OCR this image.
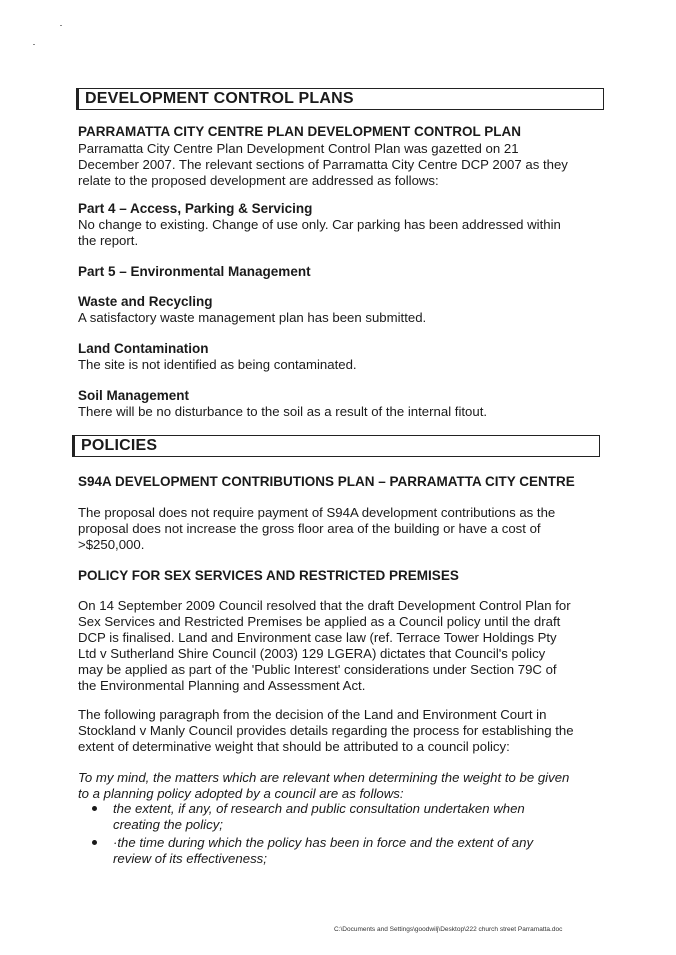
DEVELOPMENT CONTROL PLANS
PARRAMATTA CITY CENTRE PLAN DEVELOPMENT CONTROL PLAN
Parramatta City Centre Plan Development Control Plan was gazetted on 21
December 2007. The relevant sections of Parramatta City Centre DCP 2007 as they
relate to the proposed development are addressed as follows:
Part 4 – Access, Parking & Servicing
No change to existing. Change of use only. Car parking has been addressed within
the report.
Part 5 – Environmental Management
Waste and Recycling
A satisfactory waste management plan has been submitted.
Land Contamination
The site is not identified as being contaminated.
Soil Management
There will be no disturbance to the soil as a result of the internal fitout.
POLICIES
S94A DEVELOPMENT CONTRIBUTIONS PLAN – PARRAMATTA CITY CENTRE
The proposal does not require payment of S94A development contributions as the
proposal does not increase the gross floor area of the building or have a cost of
>$250,000.
POLICY FOR SEX SERVICES AND RESTRICTED PREMISES
On 14 September 2009 Council resolved that the draft Development Control Plan for
Sex Services and Restricted Premises be applied as a Council policy until the draft
DCP is finalised. Land and Environment case law (ref. Terrace Tower Holdings Pty
Ltd v Sutherland Shire Council (2003) 129 LGERA) dictates that Council's policy
may be applied as part of the 'Public Interest' considerations under Section 79C of
the Environmental Planning and Assessment Act.
The following paragraph from the decision of the Land and Environment Court in
Stockland v Manly Council provides details regarding the process for establishing the
extent of determinative weight that should be attributed to a council policy:
To my mind, the matters which are relevant when determining the weight to be given
to a planning policy adopted by a council are as follows:
the extent, if any, of research and public consultation undertaken when
creating the policy;
·the time during which the policy has been in force and the extent of any
review of its effectiveness;
C:\Documents and Settings\goodwilj\Desktop\222 church street Parramatta.doc
